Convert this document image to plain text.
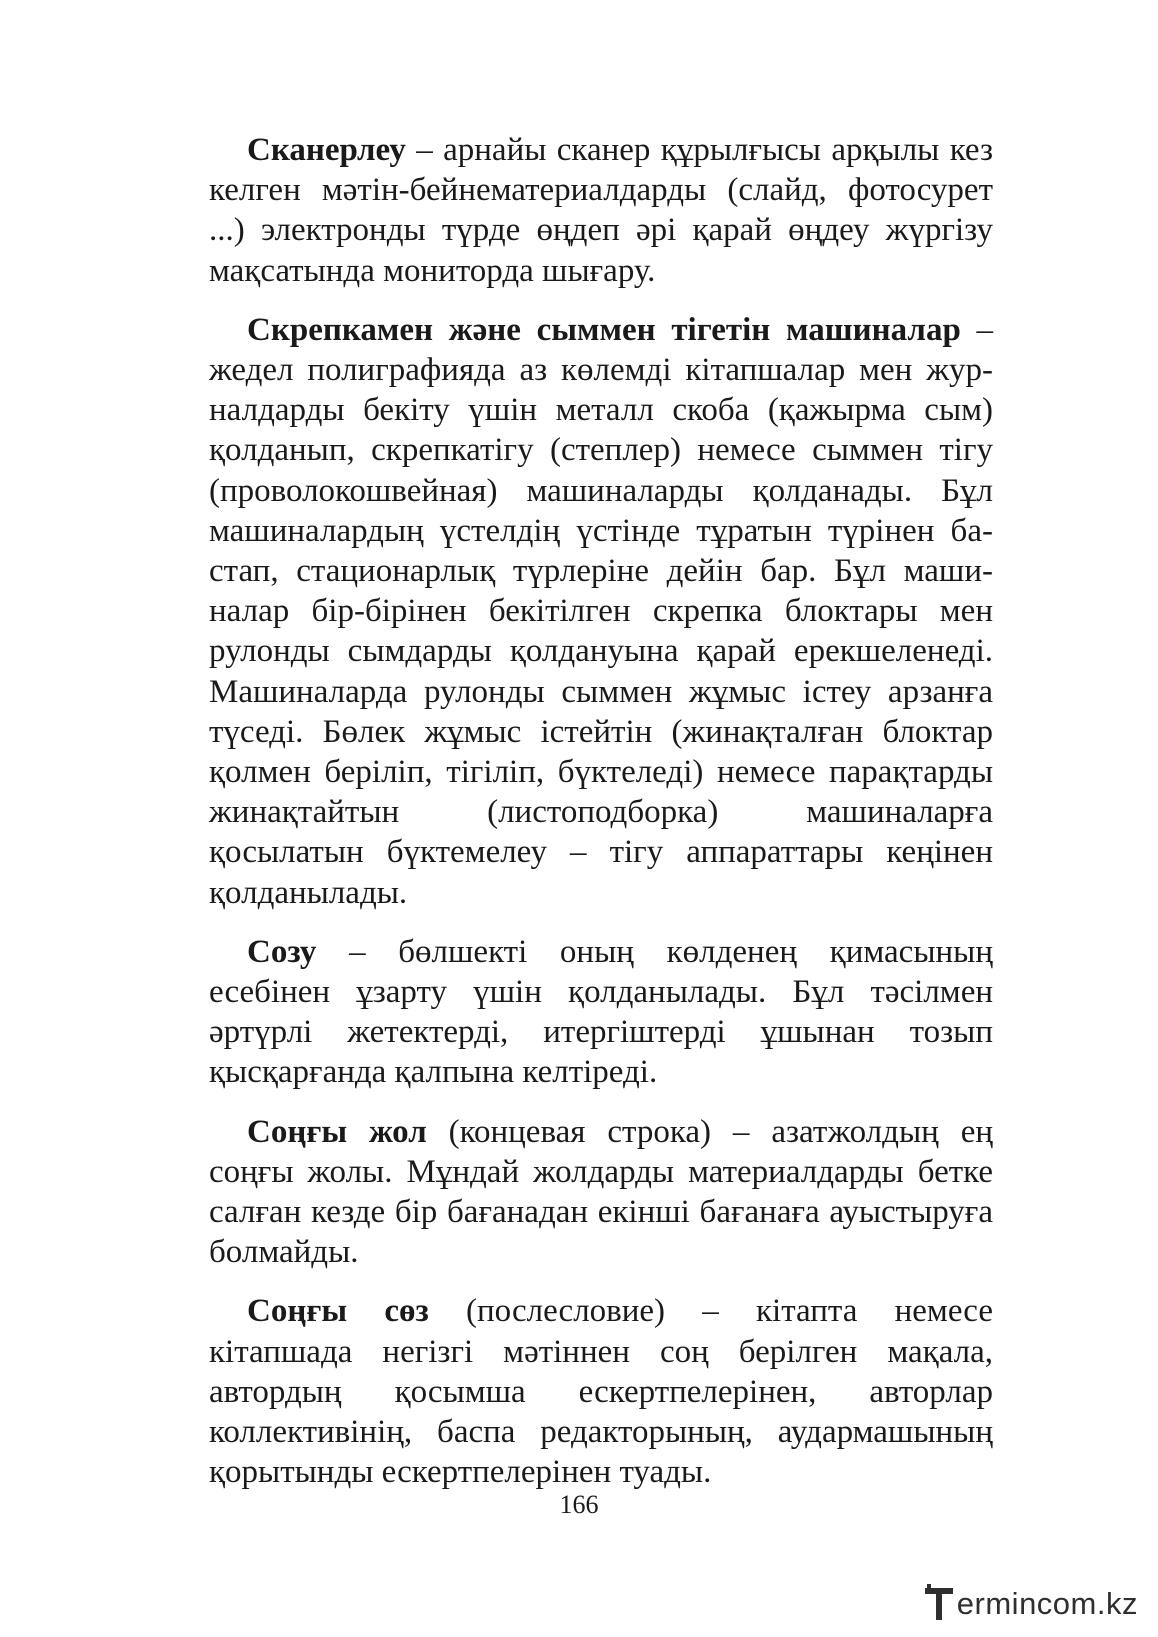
Сканерлеу – арнайы сканер құрылғысы арқылы кез келген мәтін-бейнематериалдарды (слайд, фотосурет ...) электронды түрде өңдеп әрі қарай өңдеу жүргізу мақсатында мониторда шығару.

Скрепкамен және сыммен тігетін машиналар – жедел полиграфияда аз көлемді кітапшалар мен журналдарды бекіту үшін металл скоба (қажырма сым) қолданып, скрепкатігу (степлер) немесе сыммен тігу (проволокошвейная) машиналарды қолданады. Бұл машиналардың үстелдің үстінде тұратын түрінен бастап, стационарлық түрлеріне дейін бар. Бұл машиналар бір-бірінен бекітілген скрепка блоктары мен рулонды сымдарды қолдануына қарай ерекшеленеді. Машиналарда рулонды сыммен жұмыс істеу арзанға түседі. Бөлек жұмыс істейтін (жинақталған блоктар қолмен беріліп, тігіліп, бүктеледі) немесе парақтарды жинақтайтын (листоподборка) машиналарға қосылатын бүктемелеу – тігу аппараттары кеңінен қолданылады.

Созу – бөлшекті оның көлденең қимасының есебінен ұзарту үшін қолданылады. Бұл тәсілмен әртүрлі жетектерді, итергіштерді ұшынан тозып қысқарғанда қалпына келтіреді.

Соңғы жол (концевая строка) – азатжолдың ең соңғы жолы. Мұндай жолдарды материалдарды бетке салған кезде бір бағанадан екінші бағанаға ауыстыруға болмайды.

Соңғы сөз (послесловие) – кітапта немесе кітапшада негізгі мәтіннен соң берілген мақала, автордың қосымша ескертпелерінен, авторлар коллективінің, баспа редакторының, аудармашының қорытынды ескертпелерінен туады.

166
ermincom.kz
